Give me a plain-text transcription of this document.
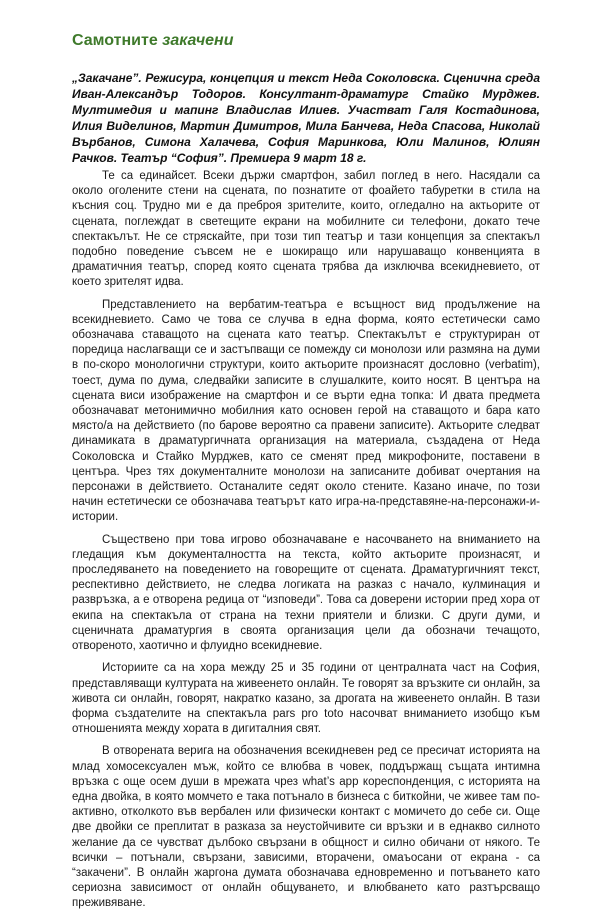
Самотните закачени

„Закачане”. Режисура, концепция и текст Неда Соколовска. Сценична среда Иван-Александър Тодоров. Консултант-драматург Стайко Мурджев. Мултимедия и мапинг Владислав Илиев. Участват Галя Костадинова, Илия Виделинов, Мартин Димитров, Мила Банчева, Неда Спасова, Николай Върбанов, Симона Халачева, София Маринкова, Юли Малинов, Юлиян Рачков. Театър “София”. Премиера 9 март 18 г.

Те са единайсет. Всеки държи смартфон, забил поглед в него. Насядали са около оголените стени на сцената, по познатите от фоайето табуретки в стила на късния соц. Трудно ми е да преброя зрителите, които, огледално на актьорите от сцената, поглеждат в светещите екрани на мобилните си телефони, докато тече спектакълът. Не се стряскайте, при този тип театър и тази концепция за спектакъл подобно поведение съвсем не е шокиращо или нарушаващо конвенцията в драматичния театър, според която сцената трябва да изключва всекидневието, от което зрителят идва.

Представлението на вербатим-театъра е всъщност вид продължение на всекидневието. Само че това се случва в една форма, която естетически само обозначава ставащото на сцената като театър. Спектакълът е структуриран от поредица наслагващи се и застъпващи се помежду си монолози или размяна на думи в по-скоро монологични структури, които актьорите произнасят дословно (verbatim), тоест, дума по дума, следвайки записите в слушалките, които носят. В центъра на сцената виси изображение на смартфон и се върти една топка: И двата предмета обозначават метонимично мобилния като основен герой на ставащото и бара като място/а на действието (по барове вероятно са правени записите). Актьорите следват динамиката в драматургичната организация на материала, създадена от Неда Соколовска и Стайко Мурджев, като се сменят пред микрофоните, поставени в центъра. Чрез тях документалните монолози на записаните добиват очертания на персонажи в действието. Останалите седят около стените. Казано иначе, по този начин естетически се обозначава театърът като игра-на-представяне-на-персонажи-и-истории.

Съществено при това игрово обозначаване е насочването на вниманието на гледащия към документалността на текста, който актьорите произнасят, и проследяването на поведението на говорещите от сцената. Драматургичният текст, респективно действието, не следва логиката на разказ с начало, кулминация и развръзка, а е отворена редица от “изповеди”. Това са доверени истории пред хора от екипа на спектакъла от страна на техни приятели и близки. С други думи, и сценичната драматургия в своята организация цели да обозначи течащото, отвореното, хаотично и флуидно всекидневие.

Историите са на хора между 25 и 35 години от централната част на София, представляващи културата на живеенето онлайн. Те говорят за връзките си онлайн, за живота си онлайн, говорят, накратко казано, за дрогата на живеенето онлайн. В тази форма създателите на спектакъла pars pro toto насочват вниманието изобщо към отношенията между хората в дигиталния свят.

В отворената верига на обозначения всекидневен ред се пресичат историята на млад хомосексуален мъж, който се влюбва в човек, поддържащ същата интимна връзка с още осем души в мрежата чрез what’s app кореспонденция, с историята на една двойка, в която момчето е така потънало в бизнеса с биткойни, че живее там по-активно, отколкото във вербален или физически контакт с момичето до себе си. Още две двойки се преплитат в разказа за неустойчивите си връзки и в еднакво силното желание да се чувстват дълбоко свързани в общност и силно обичани от някого. Те всички – потънали, свързани, зависими, вторачени, омаъосани от екрана - са “закачени”. В онлайн жаргона думата обозначава едновременно и потъването като сериозна зависимост от онлайн общуването, и влюбването като разтърсващо преживяване.
